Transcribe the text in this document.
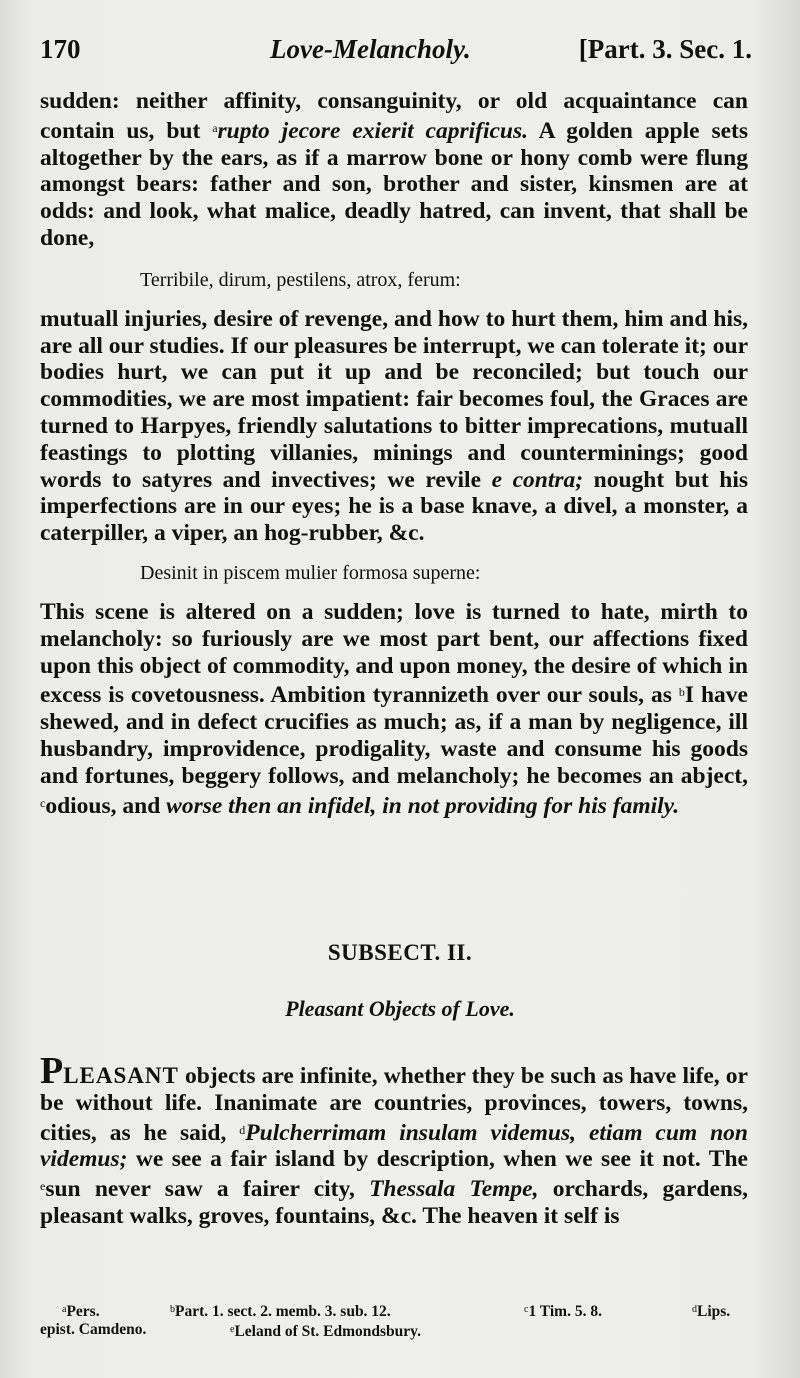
170	Love-Melancholy.	[Part. 3. Sec. 1.

sudden: neither affinity, consanguinity, or old acquaintance can contain us, but $^a$rupto jecore exierit caprificus. A golden apple sets altogether by the ears, as if a marrow bone or hony comb were flung amongst bears: father and son, brother and sister, kinsmen are at odds: and look, what malice, deadly hatred, can invent, that shall be done,

Terribile, dirum, pestilens, atrox, ferum:

mutuall injuries, desire of revenge, and how to hurt them, him and his, are all our studies. If our pleasures be interrupt, we can tolerate it; our bodies hurt, we can put it up and be reconciled; but touch our commodities, we are most impatient: fair becomes foul, the Graces are turned to Harpyes, friendly salutations to bitter imprecations, mutuall feastings to plotting villanies, minings and counterminings; good words to satyres and invectives; we revile e contra; nought but his imperfections are in our eyes; he is a base knave, a divel, a monster, a caterpiller, a viper, an hog-rubber, &c.

Desinit in piscem mulier formosa superne:

This scene is altered on a sudden; love is turned to hate, mirth to melancholy: so furiously are we most part bent, our affections fixed upon this object of commodity, and upon money, the desire of which in excess is covetousness. Ambition tyrannizeth over our souls, as $^b$I have shewed, and in defect crucifies as much; as, if a man by negligence, ill husbandry, improvidence, prodigality, waste and consume his goods and fortunes, beggery follows, and melancholy; he becomes an abject, $^c$odious, and worse then an infidel, in not providing for his family.

SUBSECT. II.
Pleasant Objects of Love.
PLEASANT objects are infinite, whether they be such as have life, or be without life. Inanimate are countries, provinces, towers, towns, cities, as he said, $^d$Pulcherrimam insulam videmus, etiam cum non videmus; we see a fair island by description, when we see it not. The $^e$sun never saw a fairer city, Thessala Tempe, orchards, gardens, pleasant walks, groves, fountains, &c. The heaven it self is
$^a$Pers.
epist. Camdeno.
$^b$Part. 1. sect. 2. memb. 3. sub. 12.
$^e$Leland of St. Edmondsbury.
$^c$1 Tim. 5. 8.	$^d$Lips.
